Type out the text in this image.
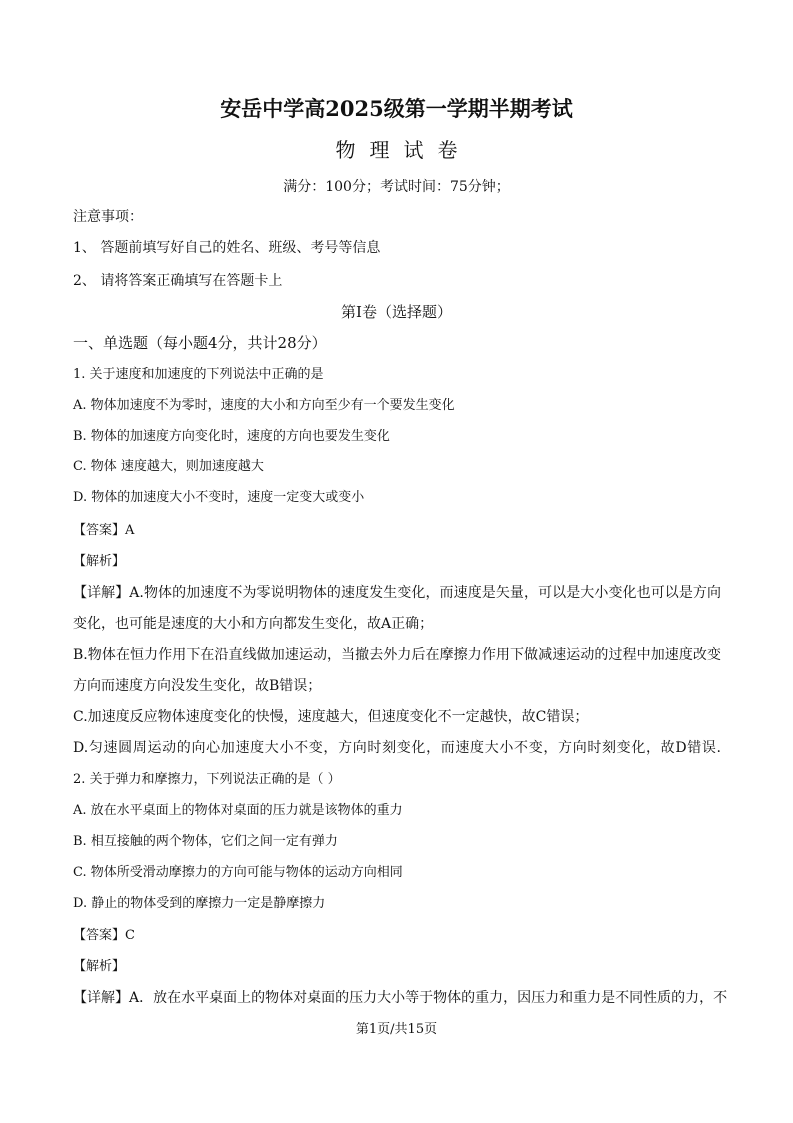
安岳中学高2025级第一学期半期考试
物理试卷
满分：100分；考试时间：75分钟；
注意事项：
1、 答题前填写好自己的姓名、班级、考号等信息
2、 请将答案正确填写在答题卡上
第I卷（选择题）
一、单选题（每小题4分，共计28分）
1. 关于速度和加速度的下列说法中正确的是
A. 物体加速度不为零时，速度的大小和方向至少有一个要发生变化
B. 物体的加速度方向变化时，速度的方向也要发生变化
C. 物体 速度越大，则加速度越大
D. 物体的加速度大小不变时，速度一定变大或变小
【答案】A
【解析】
【详解】A.物体的加速度不为零说明物体的速度发生变化，而速度是矢量，可以是大小变化也可以是方向
变化，也可能是速度的大小和方向都发生变化，故A正确；
B.物体在恒力作用下在沿直线做加速运动，当撤去外力后在摩擦力作用下做减速运动的过程中加速度改变
方向而速度方向没发生变化，故B错误；
C.加速度反应物体速度变化的快慢，速度越大，但速度变化不一定越快，故C错误；
D.匀速圆周运动的向心加速度大小不变，方向时刻变化，而速度大小不变，方向时刻变化，故D错误.
2. 关于弹力和摩擦力，下列说法正确的是（ ）
A. 放在水平桌面上的物体对桌面的压力就是该物体的重力
B. 相互接触的两个物体，它们之间一定有弹力
C. 物体所受滑动摩擦力的方向可能与物体的运动方向相同
D. 静止的物体受到的摩擦力一定是静摩擦力
【答案】C
【解析】
【详解】A．放在水平桌面上的物体对桌面的压力大小等于物体的重力，因压力和重力是不同性质的力，不
第1页/共15页
